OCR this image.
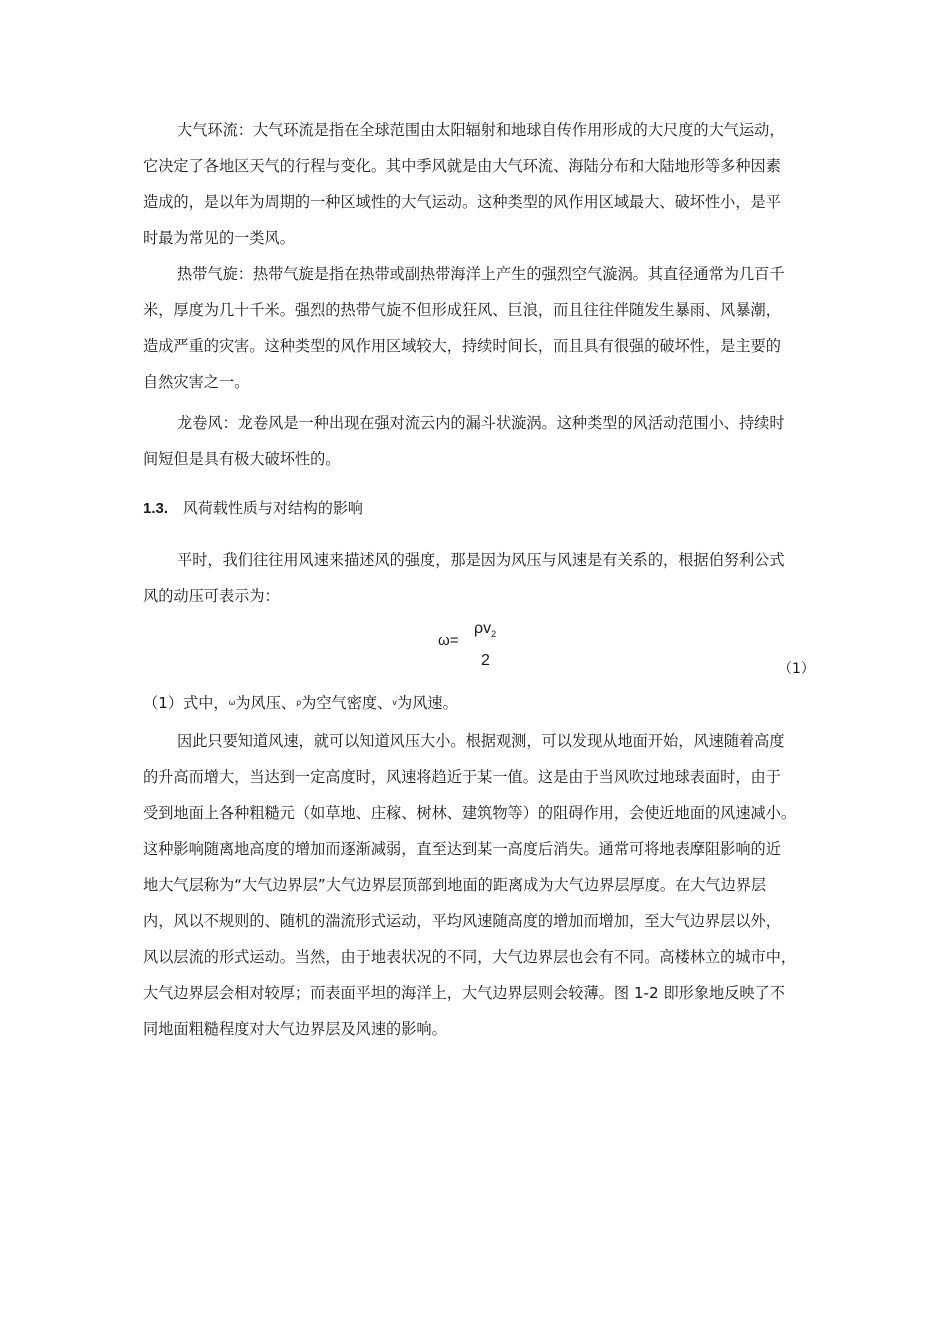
大气环流：大气环流是指在全球范围由太阳辐射和地球自传作用形成的大尺度的大气运动，
它决定了各地区天气的行程与变化。其中季风就是由大气环流、海陆分布和大陆地形等多种因素
造成的，是以年为周期的一种区域性的大气运动。这种类型的风作用区域最大、破坏性小，是平
时最为常见的一类风。
热带气旋：热带气旋是指在热带或副热带海洋上产生的强烈空气漩涡。其直径通常为几百千
米，厚度为几十千米。强烈的热带气旋不但形成狂风、巨浪，而且往往伴随发生暴雨、风暴潮，
造成严重的灾害。这种类型的风作用区域较大，持续时间长，而且具有很强的破坏性，是主要的
自然灾害之一。
龙卷风：龙卷风是一种出现在强对流云内的漏斗状漩涡。这种类型的风活动范围小、持续时
间短但是具有极大破坏性的。
1.3. 风荷载性质与对结构的影响
平时，我们往往用风速来描述风的强度，那是因为风压与风速是有关系的，根据伯努利公式
风的动压可表示为：
ω=
$\rho v_2$
2	（1）
（1）式中，ω为风压、ρ为空气密度、v为风速。
因此只要知道风速，就可以知道风压大小。根据观测，可以发现从地面开始，风速随着高度
的升高而增大，当达到一定高度时，风速将趋近于某一值。这是由于当风吹过地球表面时，由于
受到地面上各种粗糙元（如草地、庄稼、树林、建筑物等）的阻碍作用，会使近地面的风速减小。
这种影响随离地高度的增加而逐渐减弱，直至达到某一高度后消失。通常可将地表摩阻影响的近
地大气层称为“大气边界层”大气边界层顶部到地面的距离成为大气边界层厚度。在大气边界层
内，风以不规则的、随机的湍流形式运动，平均风速随高度的增加而增加，至大气边界层以外，
风以层流的形式运动。当然，由于地表状况的不同，大气边界层也会有不同。高楼林立的城市中，
大气边界层会相对较厚；而表面平坦的海洋上，大气边界层则会较薄。图 1-2 即形象地反映了不
同地面粗糙程度对大气边界层及风速的影响。
